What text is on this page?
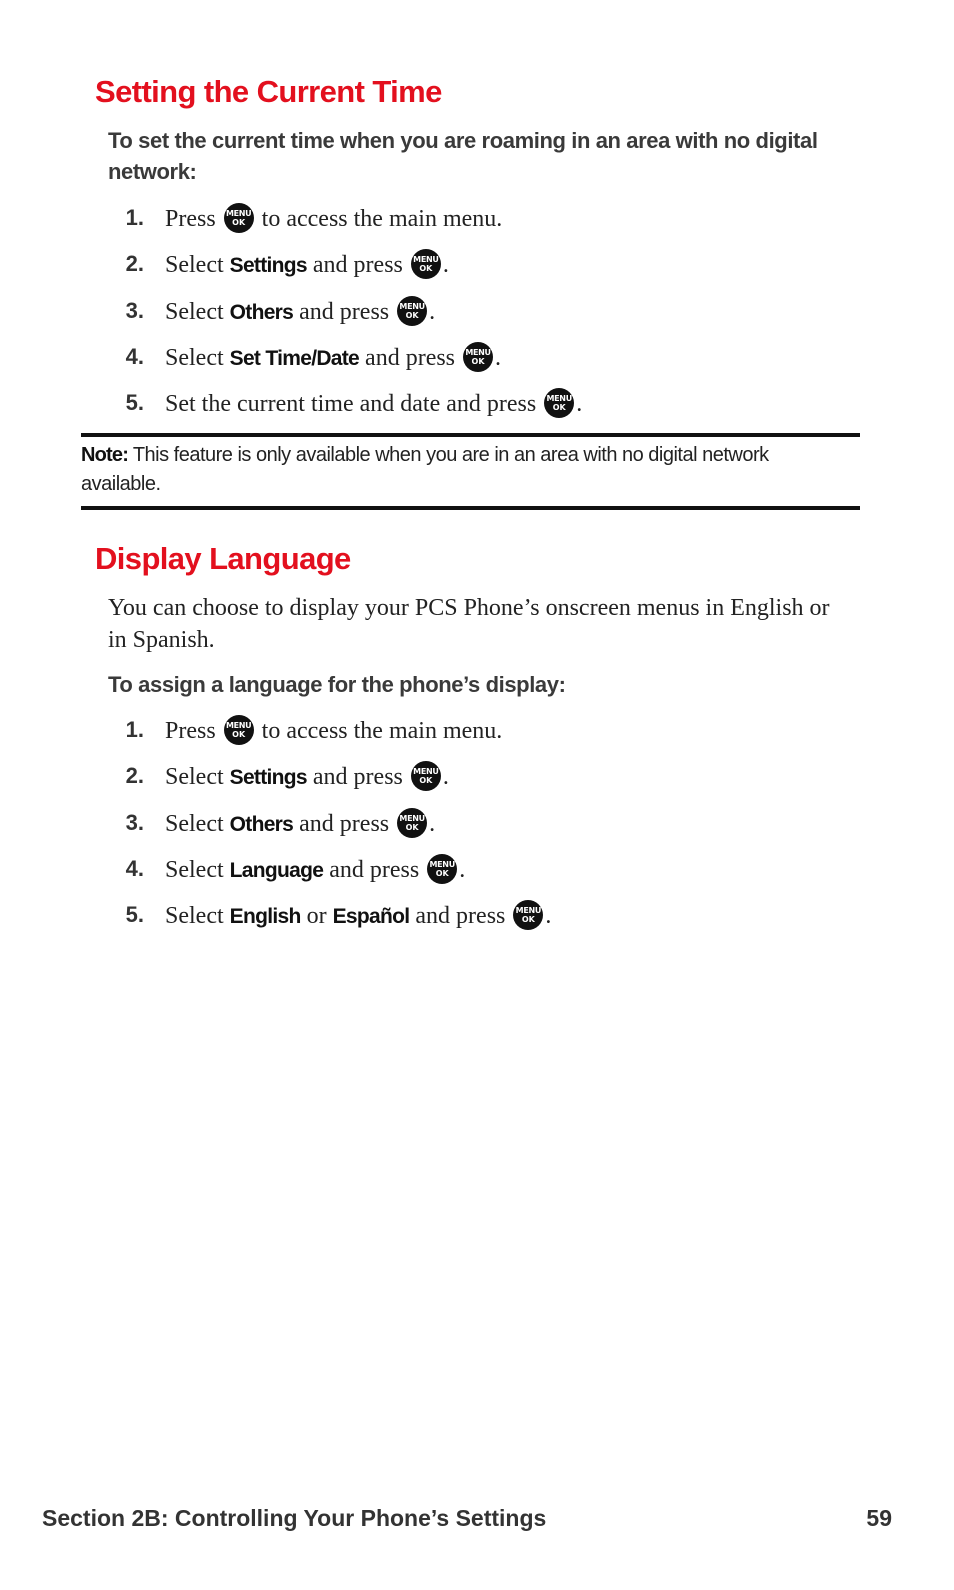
Setting the Current Time

To set the current time when you are roaming in an area with no digital network:

1. Press MENU
OK to access the main menu.
2. Select Settings and press MENU
OK .
3. Select Others and press MENU
OK .
4. Select Set Time/Date and press MENU
OK .
5. Set the current time and date and press MENU
OK .

Note: This feature is only available when you are in an area with no digital network available.

Display Language

You can choose to display your PCS Phone’s onscreen menus in English or in Spanish.

To assign a language for the phone’s display:

1. Press MENU
OK to access the main menu.
2. Select Settings and press MENU
OK .
3. Select Others and press MENU
OK .
4. Select Language and press MENU
OK .
5. Select English or Español and press MENU
OK .
Section 2B: Controlling Your Phone’s Settings	59
